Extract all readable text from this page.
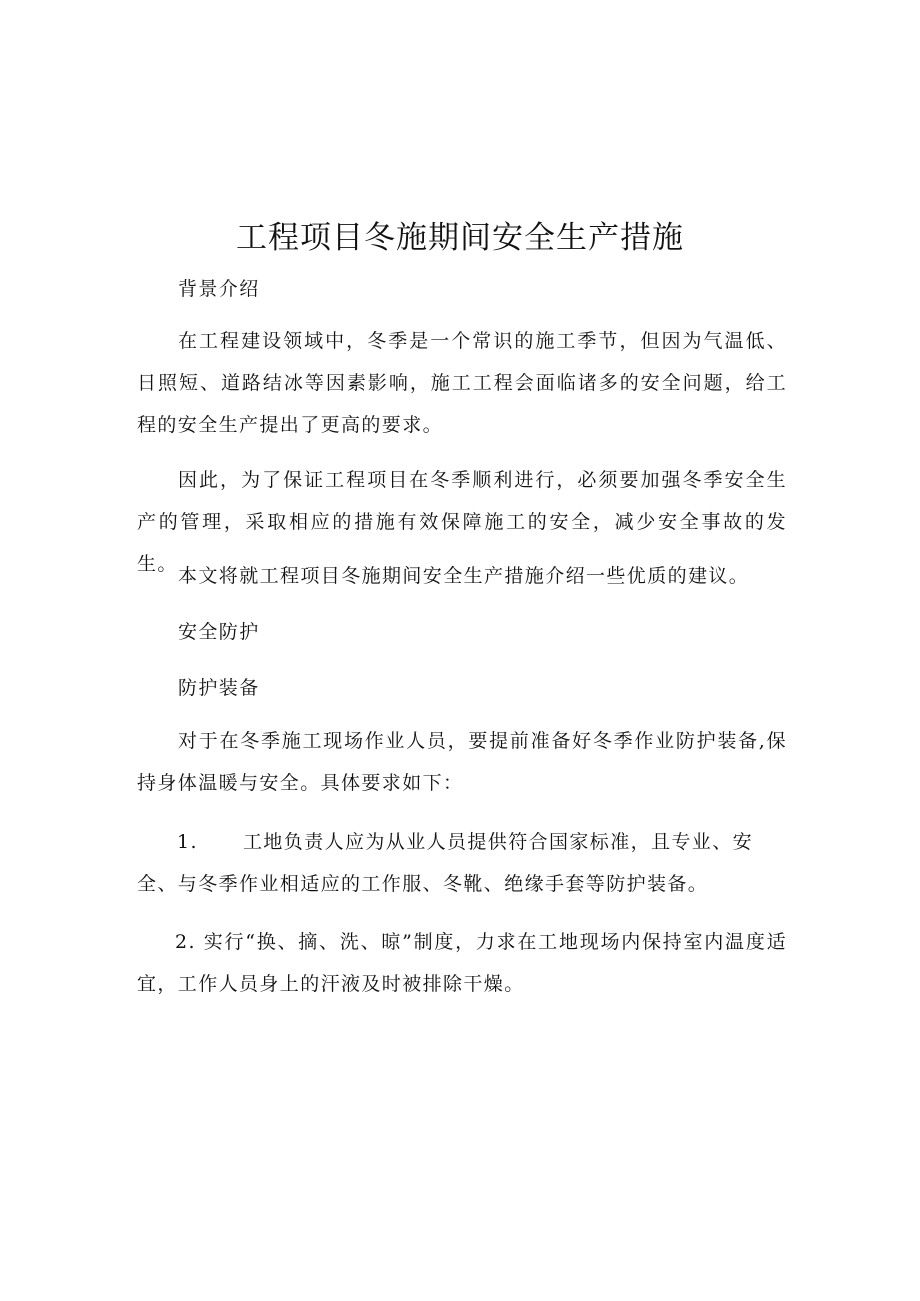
工程项目冬施期间安全生产措施
背景介绍
在工程建设领域中，冬季是一个常识的施工季节，但因为气温低、日照短、道路结冰等因素影响，施工工程会面临诸多的安全问题，给工程的安全生产提出了更高的要求。
因此，为了保证工程项目在冬季顺利进行，必须要加强冬季安全生产的管理，采取相应的措施有效保障施工的安全，减少安全事故的发生。
本文将就工程项目冬施期间安全生产措施介绍一些优质的建议。
安全防护
防护装备
对于在冬季施工现场作业人员，要提前准备好冬季作业防护装备,保持身体温暖与安全。具体要求如下：
1. 工地负责人应为从业人员提供符合国家标准，且专业、安
全、与冬季作业相适应的工作服、冬靴、绝缘手套等防护装备。
2. 实行“换、摘、洗、晾”制度，力求在工地现场内保持室内温度适宜，工作人员身上的汗液及时被排除干燥。
